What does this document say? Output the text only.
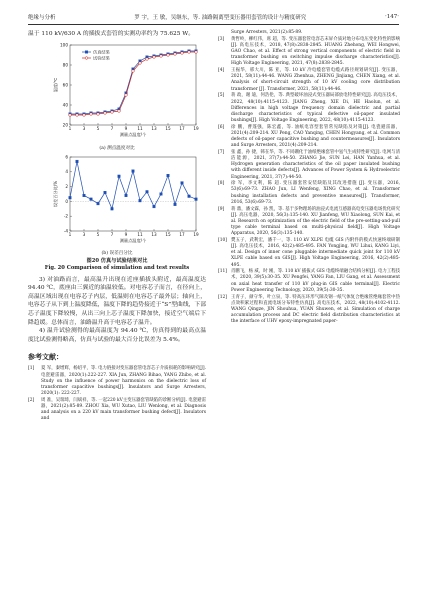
绝缘与分析	罗 宇，王 敏，吴继东，等. 油路隔离型变压器用套管的设计与精度研究	·147·

温于 110 kV/630 A 的插拔式套管的实测功率约为 75.625 W。

100
80
60
40
20
1	3	5	7	9 11 13 15 17 19
测量点温度/个
温度/℃
仿真结果
试验结果
(a) 测点温度对比
6
4
2
0
-2
-4
1	3	5	7	9 11 13 15 17 19
测量点温度/个
误差百分比/%
(b) 误差百分比
图20 仿真与试验结果对比
Fig. 20 Comparison of simulation and test results

3) 对油路而言，最高温升出现在近座插拔头附近，最高温度达 94.40 ℃，底座由三翼近的油温较低。对电容芯子而言，在径向上，高温区域出现在电容芯子内层，低温则在电容芯子最外层；轴向上，电容芯子从下到上温度降低，温度下降的趋势接近于“S”型曲线，下部芯子温度下降较慢，从出三向上芯子温度下降加快，接近空气端后下降趋缓。总体而言，油路温升高于电容芯子温升。

4) 温升试验测得的最高温度为 94.40 ℃，仿真得到的最高点温度比试验测得略高，仿真与试验的最大百分比误差为 5.4%。

参考文献：
[1]	夏 军，秦增辉，杨绍平，等. 电力链接对变压器套管电容芯子介质损耗的影响研究[J]. 电瓷避雷器，2020(1):222-227. XIA Jun, ZHANG Bihao, YANG Zhibo, et al. Study on the influence of power harmonics on the dielectric loss of transformer capacitive bushings[J]. Insulators and Surge Arresters, 2020(1): 222-227.
[2]	周 准，吴瑞琦，闫斌祥，等. 一起220 kV主变压器套管缺陷的诊断分析[J]. 电瓷避雷器，2021(2):85-89. ZHOU Xia, WU Xutao, LIU Wenlong, et al. Diagnosis and analysis on a 220 kV main transformer bushing defect[J]. Insulators and
Surge Arresters, 2021(2):85-89.
[3]	黄哲岭，柳红伟，席 超，等. 变压器套管电容芯末屏介质对地分布电压变化特性的影响[J]. 高电压技术，2018, 47(8):2838-2845. HUANG Zhehong, WEI Hongwei, GAO Chao, et al. Effect of strong vertical components of electric field in transformer bushing on switching impulse discharge characteristics[J]. High Voltage Engineering, 2021, 47(8):2838-2845.
[4]	王振华，邢大川，陈 亚，等. 10 kV 冷电缆套管电缆式路径规划研究[J]. 变压器，2021, 58(11):44-46. WANG Zhenhua, ZHENG Jinjiang, CHEN Xiang, et al. Analysis of short-circuit strength of 10 kV cooling core distribution transformer [J]. Transformer, 2021, 58(11):44-46.
[5]	蒋 政，谢 迪，何浩伦，等. 典型破坏油浸式变压器局部放电特性研究[J]. 高电压技术，2022, 48(10):4115-4123. JIANG Zheng, XIE Di, HE Haolun, et al. Differences in high voltage frequency domain dielectric and partial discharge characteristics of typical defective oil-paper insulated bushings[J]. High Voltage Engineering, 2022, 48(10):4115-4123.
[6]	徐 鹏，曹蓬强，陈宏鑫，等. 油纸电容型套管常见缺陷及对策[J]. 电瓷避雷器，2021(4):209-214. XU Peng, CAO Yanqing, CHEN Hongyang, et al. Common defects of oil-paper capacitive bushing and countermeasures[J]. Insulators and Surge Arresters, 2021(4):209-214.
[7]	张 鑫，孙 捷，韩在华，等. 不同硼化于油纸绝缘套管中氢气生成特性研究[J]. 电网与清洁能源，2021, 37(7):44-50. ZHANG Jie, SUN Lei, HAN Yanhua, et al. Hydrogen generation characteristics of the oil paper insulated bushing with different inside defects[J]. Advances of Power System & Hydroelectric Engineering, 2021, 37(7):44-50.
[8]	徐 军，李文利，陈 超. 变压器套管安装缺陷及其改进措施 [J]. 变压器，2016, 53(6):69-73. ZHAO Jun, LI Wenfeng, XING Chao, et al. Transformer bushing installation defects and preventive measures[J]. Transformer, 2016, 53(6):69-73.
[9]	蒋 鼎，潘文霖，孙 凯，等. 基于多物理场的油浸式电流互感器高电变压器电场优化研究[J]. 高压电器，2020, 56(3):135-140. XU Jianfeng, WU Xiaolong, SUN Kai, et al. Research on optimization of the electric field of the pre-setting-and-pull type cable terminal based on multi-physical field[J]. High Voltage Apparatus, 2020, 56(3):135-140.
[10] 樊五子，武利宏，潘千一，等. 110 kV XLPE 电缆 GIS 内附件的模式快速终端研制[J]. 高电压技术，2016, 42(2):485-495. FAN Yongjing, WU Lihui, KANG Liyi, et al. Design of inner cone pluggable intermediate quick joint for 110 kV XLPE cable based on GIS[J]. High Voltage Engineering, 2016, 42(2):485-495.
[11] 肖鹏飞，杨 威，时 刚，等. 110 kV 插拔式 GIS 电缆终端融合结构分析[J]. 电力工程技术，2020, 39(5):30-35. XU Pengfei, YANG Fan, LIU Gang, et al. Assessment on axial heat transfer of 110 kV plug-in GIS cable terminal[J]. Electric Power Engineering Technology, 2020, 39(5):30-35.
[12] 王青子，颜守华，叶立泉，等. 特高压环形气隙及钢一纸气体复合绝缘管绝缘套管中热点效积累过程和直流电场分布特性仿真[J]. 高电压技术，2022, 48(10):4102-4112. WANG Qingze, JIN Shouhua, YUAN Shuwen, et al. Simulation of charge accumulation process and DC electric field distribution characteristics at the interface of UHV epoxy-impregnated paper-
